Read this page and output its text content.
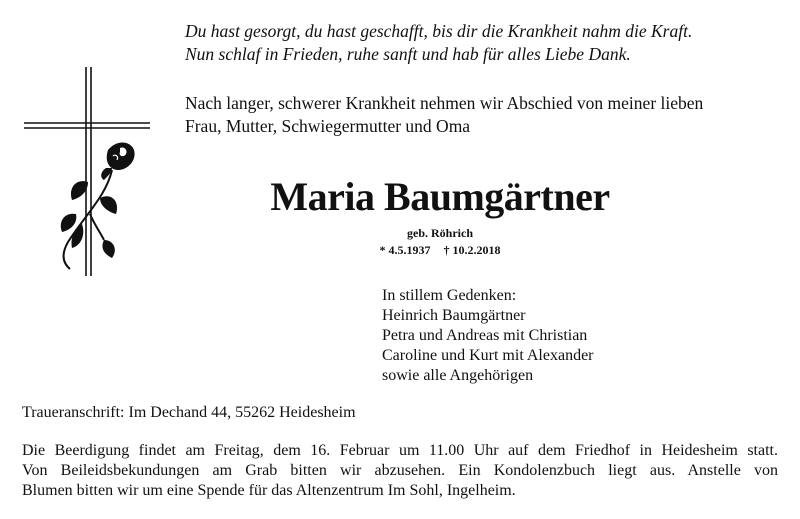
Du hast gesorgt, du hast geschafft, bis dir die Krankheit nahm die Kraft.
Nun schlaf in Frieden, ruhe sanft und hab für alles Liebe Dank.
Nach langer, schwerer Krankheit nehmen wir Abschied von meiner lieben
Frau, Mutter, Schwiegermutter und Oma
Maria Baumgärtner
geb. Röhrich
* 4.5.1937 † 10.2.2018
In stillem Gedenken:
Heinrich Baumgärtner
Petra und Andreas mit Christian
Caroline und Kurt mit Alexander
sowie alle Angehörigen
Traueranschrift: Im Dechand 44, 55262 Heidesheim
Die Beerdigung findet am Freitag, dem 16. Februar um 11.00 Uhr auf dem Friedhof in Heidesheim statt.
Von Beileidsbekundungen am Grab bitten wir abzusehen. Ein Kondolenzbuch liegt aus. Anstelle von
Blumen bitten wir um eine Spende für das Altenzentrum Im Sohl, Ingelheim.
